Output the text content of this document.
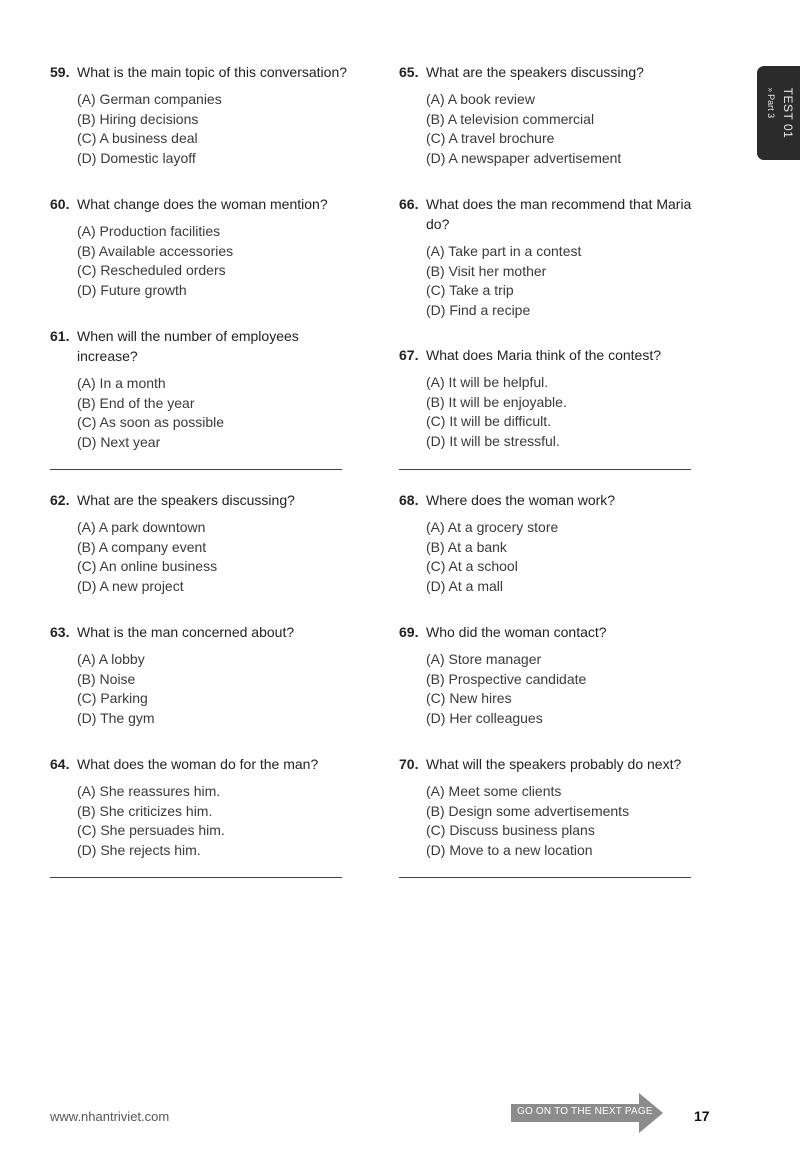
TEST 01
»Part 3
59. What is the main topic of this conversation?
(A) German companies
(B) Hiring decisions
(C) A business deal
(D) Domestic layoff
60. What change does the woman mention?
(A) Production facilities
(B) Available accessories
(C) Rescheduled orders
(D) Future growth
61. When will the number of employees increase?
(A) In a month
(B) End of the year
(C) As soon as possible
(D) Next year
62. What are the speakers discussing?
(A) A park downtown
(B) A company event
(C) An online business
(D) A new project
63. What is the man concerned about?
(A) A lobby
(B) Noise
(C) Parking
(D) The gym
64. What does the woman do for the man?
(A) She reassures him.
(B) She criticizes him.
(C) She persuades him.
(D) She rejects him.
65. What are the speakers discussing?
(A) A book review
(B) A television commercial
(C) A travel brochure
(D) A newspaper advertisement
66. What does the man recommend that Maria do?
(A) Take part in a contest
(B) Visit her mother
(C) Take a trip
(D) Find a recipe
67. What does Maria think of the contest?
(A) It will be helpful.
(B) It will be enjoyable.
(C) It will be difficult.
(D) It will be stressful.
68. Where does the woman work?
(A) At a grocery store
(B) At a bank
(C) At a school
(D) At a mall
69. Who did the woman contact?
(A) Store manager
(B) Prospective candidate
(C) New hires
(D) Her colleagues
70. What will the speakers probably do next?
(A) Meet some clients
(B) Design some advertisements
(C) Discuss business plans
(D) Move to a new location
www.nhantriviet.com	GO ON TO THE NEXT PAGE	17
